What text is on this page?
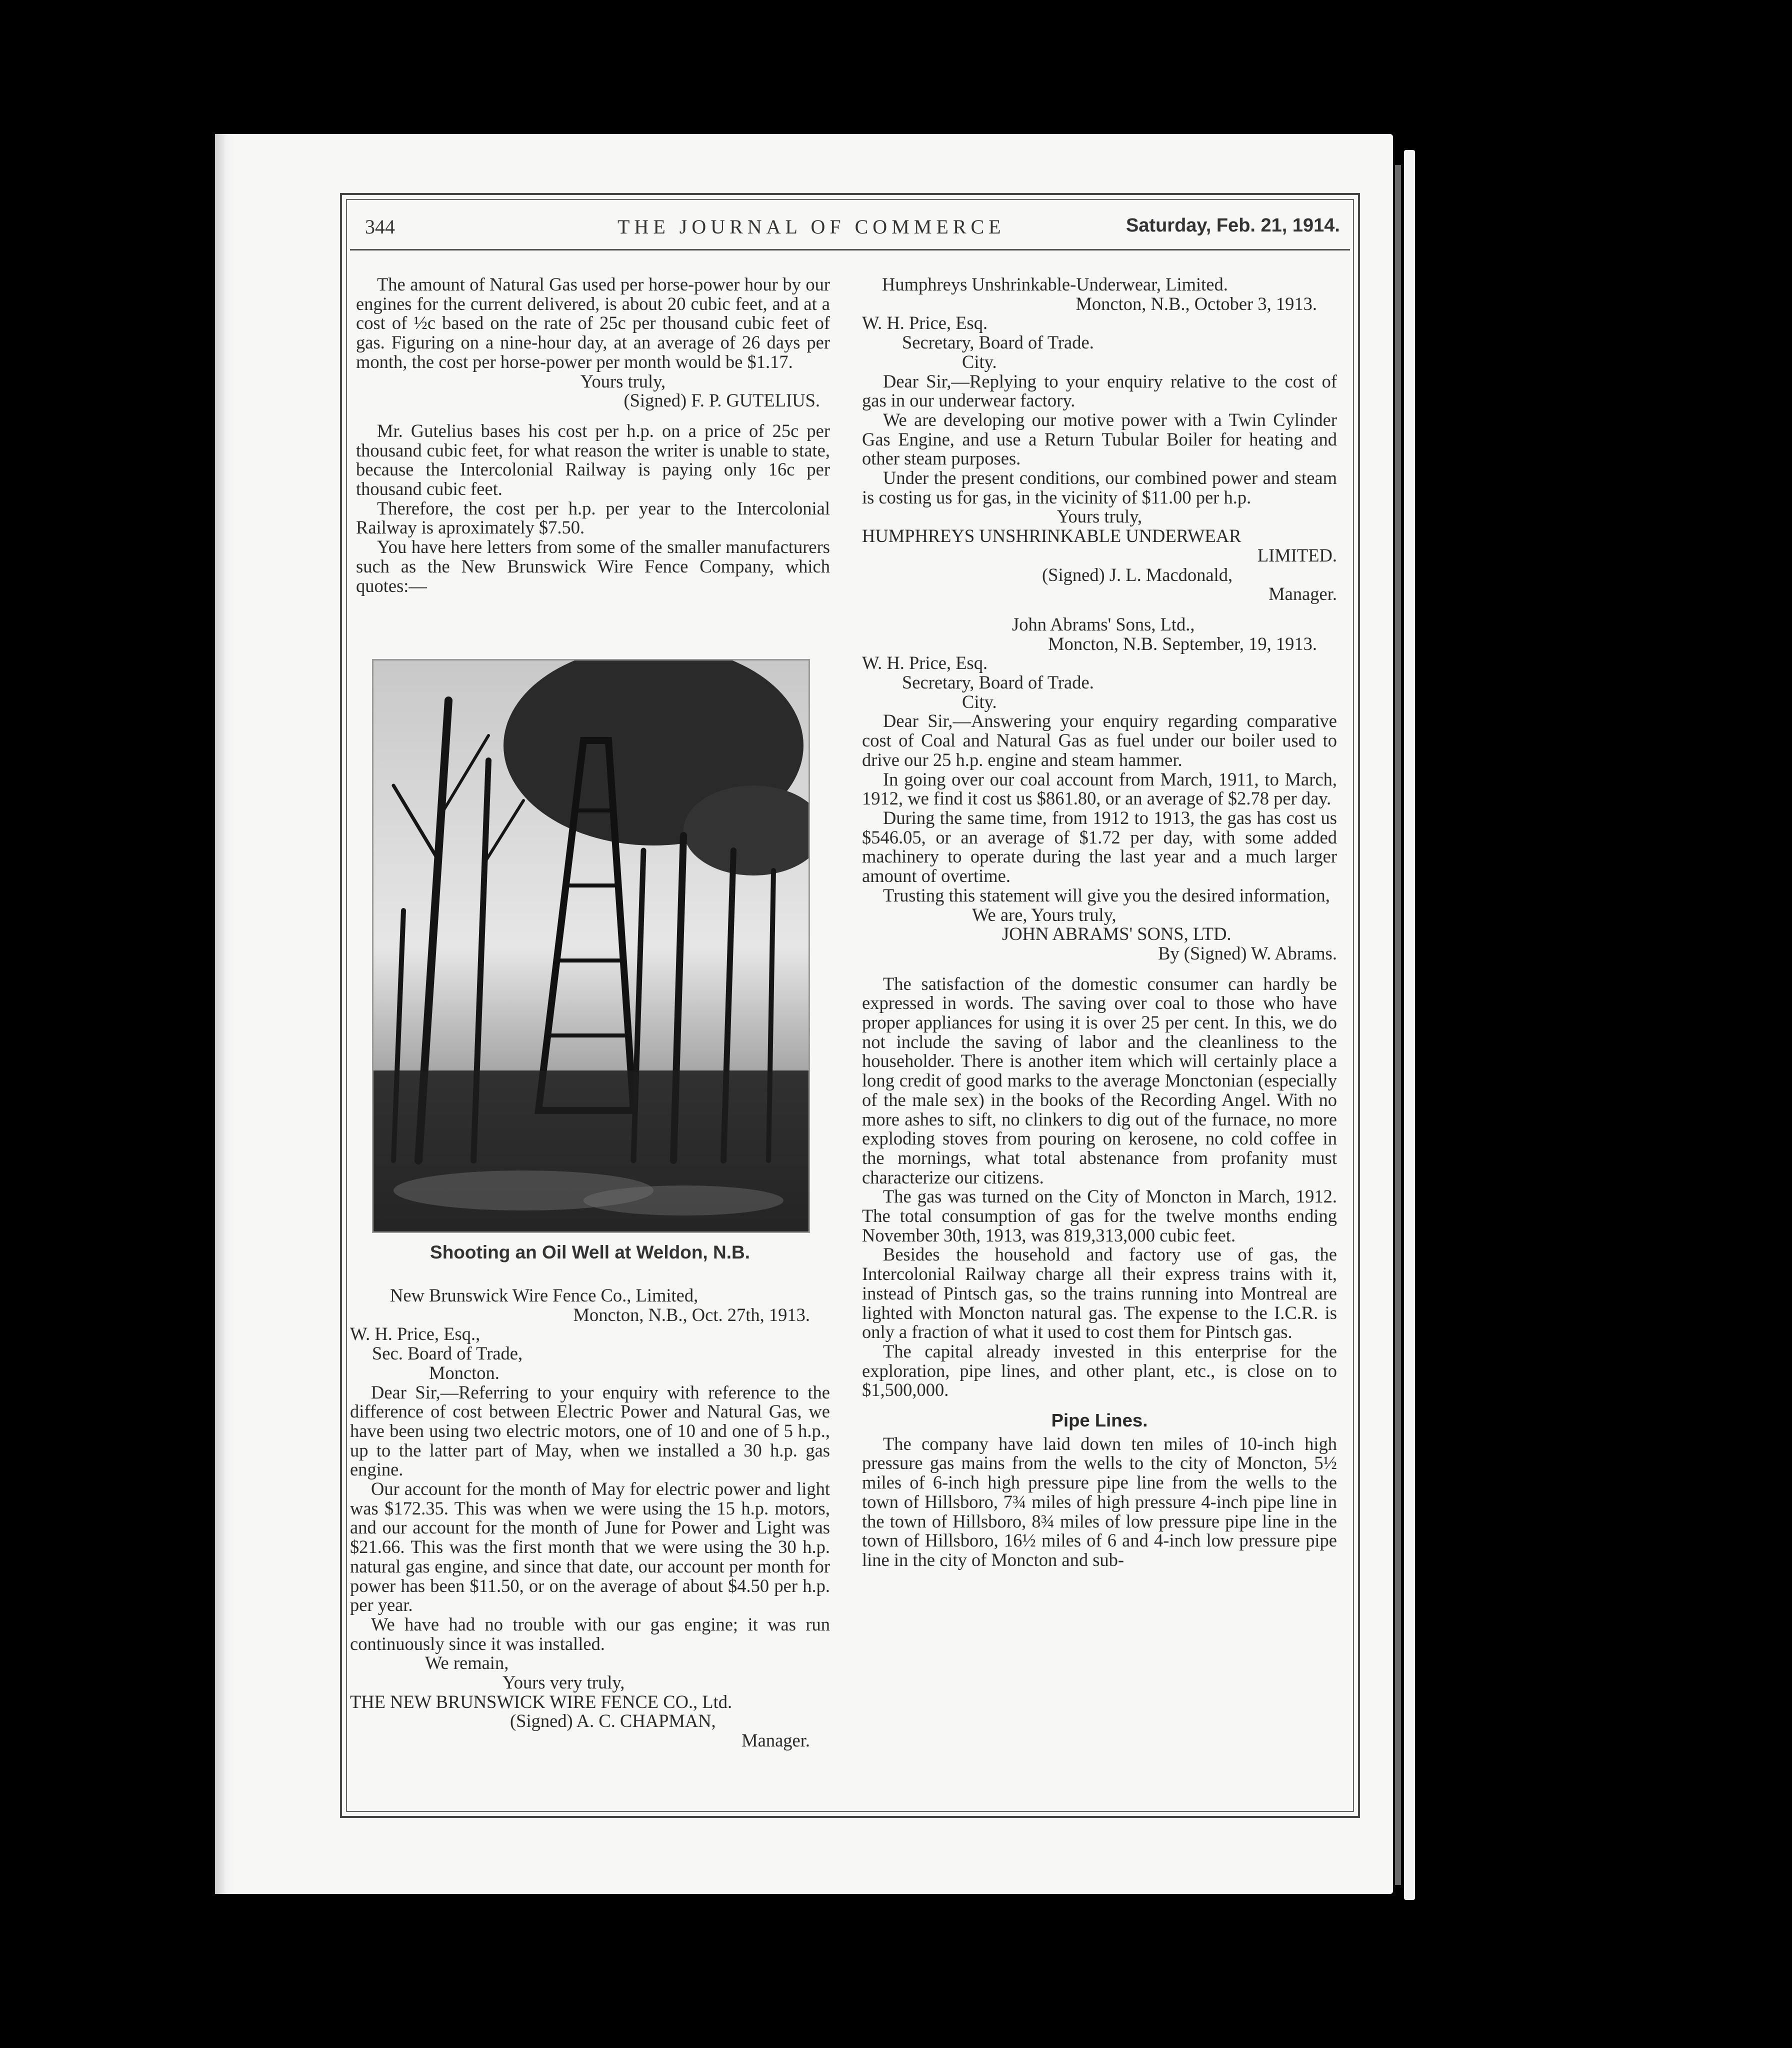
344	THE JOURNAL OF COMMERCE	Saturday, Feb. 21, 1914.

The amount of Natural Gas used per horse-power hour by our engines for the current delivered, is about 20 cubic feet, and at a cost of ½c based on the rate of 25c per thousand cubic feet of gas. Figuring on a nine-hour day, at an average of 26 days per month, the cost per horse-power per month would be $1.17.

Yours truly,

(Signed) F. P. GUTELIUS.

Mr. Gutelius bases his cost per h.p. on a price of 25c per thousand cubic feet, for what reason the writer is unable to state, because the Intercolonial Railway is paying only 16c per thousand cubic feet.

Therefore, the cost per h.p. per year to the Intercolonial Railway is aproximately $7.50.

You have here letters from some of the smaller manufacturers such as the New Brunswick Wire Fence Company, which quotes:—

Shooting an Oil Well at Weldon, N.B.

New Brunswick Wire Fence Co., Limited,

Moncton, N.B., Oct. 27th, 1913.

W. H. Price, Esq.,

Sec. Board of Trade,

Moncton.

Dear Sir,—Referring to your enquiry with reference to the difference of cost between Electric Power and Natural Gas, we have been using two electric motors, one of 10 and one of 5 h.p., up to the latter part of May, when we installed a 30 h.p. gas engine.

Our account for the month of May for electric power and light was $172.35. This was when we were using the 15 h.p. motors, and our account for the month of June for Power and Light was $21.66. This was the first month that we were using the 30 h.p. natural gas engine, and since that date, our account per month for power has been $11.50, or on the average of about $4.50 per h.p. per year.

We have had no trouble with our gas engine; it was run continuously since it was installed.

We remain,

Yours very truly,

THE NEW BRUNSWICK WIRE FENCE CO., Ltd.

(Signed) A. C. CHAPMAN,

Manager.

Humphreys Unshrinkable-Underwear, Limited.

Moncton, N.B., October 3, 1913.

W. H. Price, Esq.

Secretary, Board of Trade.

City.

Dear Sir,—Replying to your enquiry relative to the cost of gas in our underwear factory.

We are developing our motive power with a Twin Cylinder Gas Engine, and use a Return Tubular Boiler for heating and other steam purposes.

Under the present conditions, our combined power and steam is costing us for gas, in the vicinity of $11.00 per h.p.

Yours truly,

HUMPHREYS UNSHRINKABLE UNDERWEAR

LIMITED.

(Signed) J. L. Macdonald,

Manager.

John Abrams' Sons, Ltd.,

Moncton, N.B. September, 19, 1913.

W. H. Price, Esq.

Secretary, Board of Trade.

City.

Dear Sir,—Answering your enquiry regarding comparative cost of Coal and Natural Gas as fuel under our boiler used to drive our 25 h.p. engine and steam hammer.

In going over our coal account from March, 1911, to March, 1912, we find it cost us $861.80, or an average of $2.78 per day.

During the same time, from 1912 to 1913, the gas has cost us $546.05, or an average of $1.72 per day, with some added machinery to operate during the last year and a much larger amount of overtime.

Trusting this statement will give you the desired information,

We are, Yours truly,

JOHN ABRAMS' SONS, LTD.

By (Signed) W. Abrams.

The satisfaction of the domestic consumer can hardly be expressed in words. The saving over coal to those who have proper appliances for using it is over 25 per cent. In this, we do not include the saving of labor and the cleanliness to the householder. There is another item which will certainly place a long credit of good marks to the average Monctonian (especially of the male sex) in the books of the Recording Angel. With no more ashes to sift, no clinkers to dig out of the furnace, no more exploding stoves from pouring on kerosene, no cold coffee in the mornings, what total abstenance from profanity must characterize our citizens.

The gas was turned on the City of Moncton in March, 1912. The total consumption of gas for the twelve months ending November 30th, 1913, was 819,313,000 cubic feet.

Besides the household and factory use of gas, the Intercolonial Railway charge all their express trains with it, instead of Pintsch gas, so the trains running into Montreal are lighted with Moncton natural gas. The expense to the I.C.R. is only a fraction of what it used to cost them for Pintsch gas.

The capital already invested in this enterprise for the exploration, pipe lines, and other plant, etc., is close on to $1,500,000.

Pipe Lines.

The company have laid down ten miles of 10-inch high pressure gas mains from the wells to the city of Moncton, 5½ miles of 6-inch high pressure pipe line from the wells to the town of Hillsboro, 7¾ miles of high pressure 4-inch pipe line in the town of Hillsboro, 8¾ miles of low pressure pipe line in the town of Hillsboro, 16½ miles of 6 and 4-inch low pressure pipe line in the city of Moncton and sub-
